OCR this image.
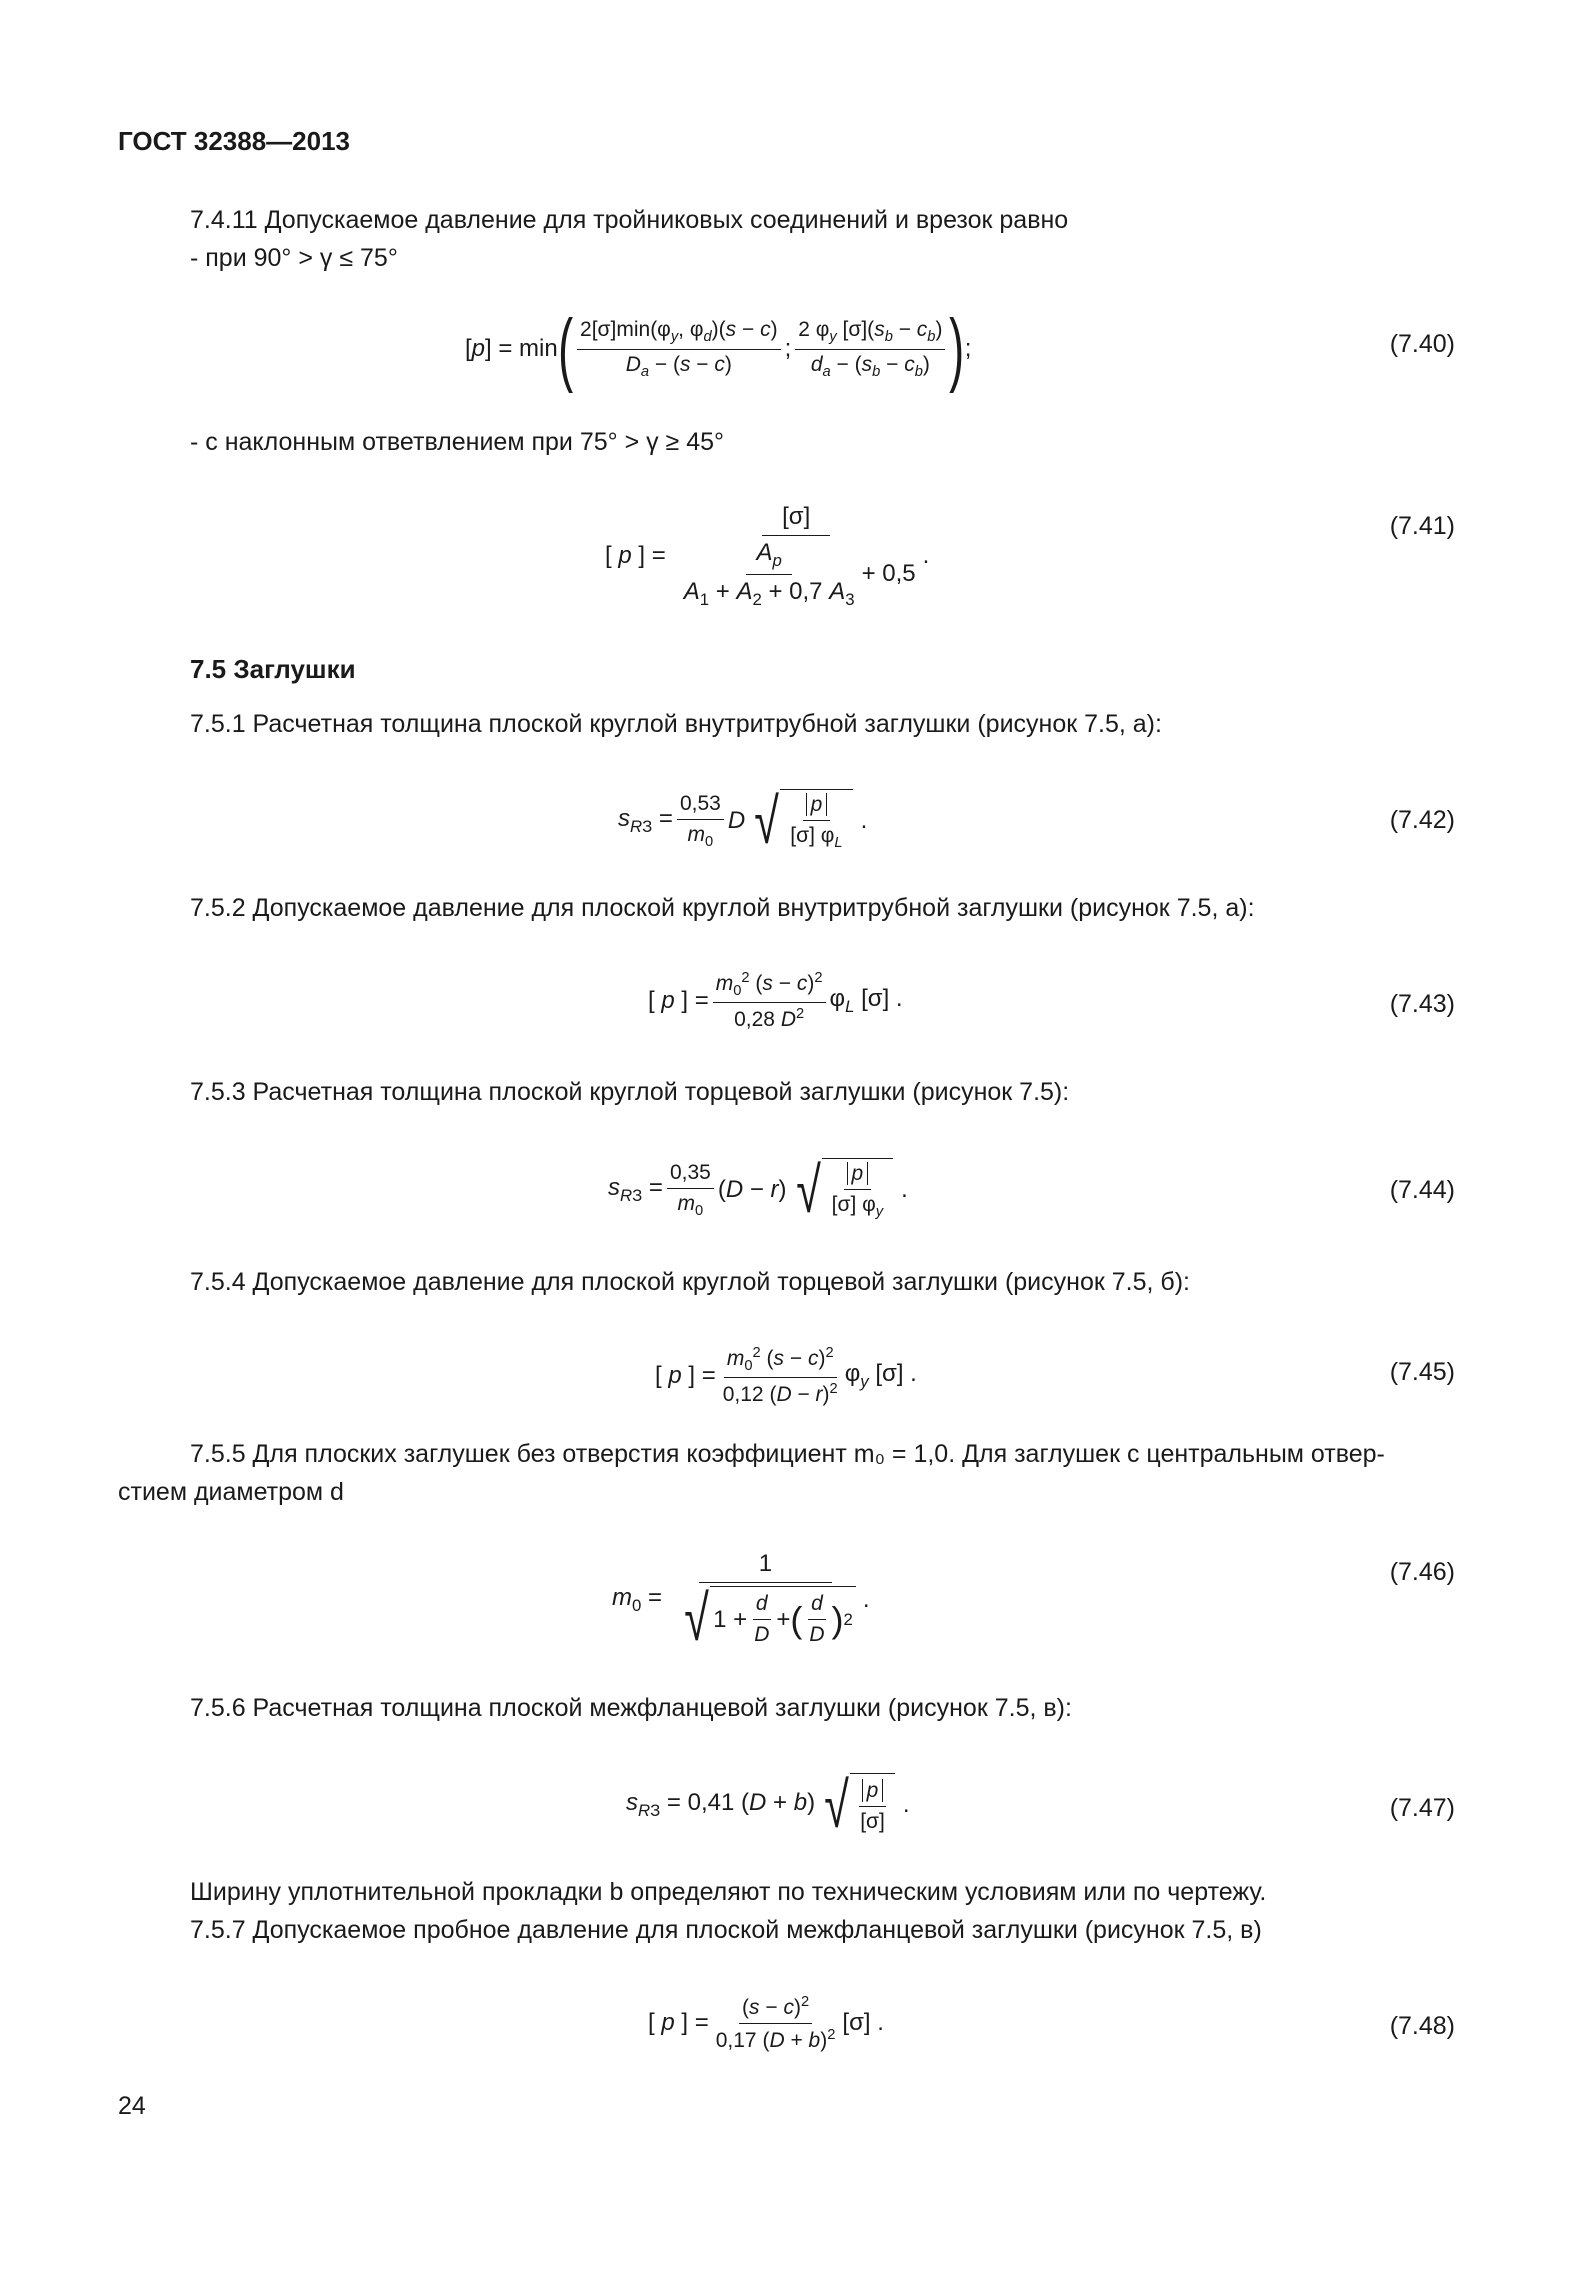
ГОСТ 32388—2013
7.4.11 Допускаемое давление для тройниковых соединений и врезок равно
- при 90° > γ ≤ 75°
[p] = min ( $\frac{2[\sigma]\min(\varphi_y, \varphi_d)(s - c)}{D_a - (s - c)}$ ; $\frac{2 \varphi_y [\sigma](s_b - c_b)}{d_a - (s_b - c_b)}$ ) ;	(7.40)
- с наклонным ответвлением при 75° > γ ≥ 45°
[ p ] = $\frac{[\sigma]}{\frac{A_p}{A_1 + A_2 + 0,7 A_3} + 0,5}$ .
(7.41)
7.5 Заглушки
7.5.1 Расчетная толщина плоской круглой внутритрубной заглушки (рисунок 7.5, а):
$s_{RЗ} = \frac{0,53}{m_0}$ D √ $\frac{p}{[\sigma] \varphi_L}$ .	(7.42)
7.5.2 Допускаемое давление для плоской круглой внутритрубной заглушки (рисунок 7.5, а):
[ p ] = $\frac{m_0^2 (s - c)^2}{0,28 D^2} \varphi_L$ [σ] .	(7.43)
7.5.3 Расчетная толщина плоской круглой торцевой заглушки (рисунок 7.5):
$s_{RЗ} = \frac{0,35}{m_0} (D - r)$ √ $\frac{p}{[\sigma] \varphi_y}$ .	(7.44)
7.5.4 Допускаемое давление для плоской круглой торцевой заглушки (рисунок 7.5, б):
[ p ] = $\frac{m_0^2 (s - c)^2}{0,12 (D - r)^2} \varphi_y$ [σ] .	(7.45)
7.5.5 Для плоских заглушек без отверстия коэффициент m₀ = 1,0. Для заглушек с центральным отвер-
стием диаметром d
$m_0 = \frac{1}{√ 1 + \frac{d}{D} + ( \frac{d}{D} ) 2}$ .
(7.46)
7.5.6 Расчетная толщина плоской межфланцевой заглушки (рисунок 7.5, в):
$s_{RЗ} = 0,41$ (D + b) √ $\frac{p}{[\sigma]}$ .	(7.47)
Ширину уплотнительной прокладки b определяют по техническим условиям или по чертежу.
7.5.7 Допускаемое пробное давление для плоской межфланцевой заглушки (рисунок 7.5, в)
[ p ] = $\frac{(s - c)^2}{0,17 (D + b)^2} [\sigma]$ .	(7.48)
24
